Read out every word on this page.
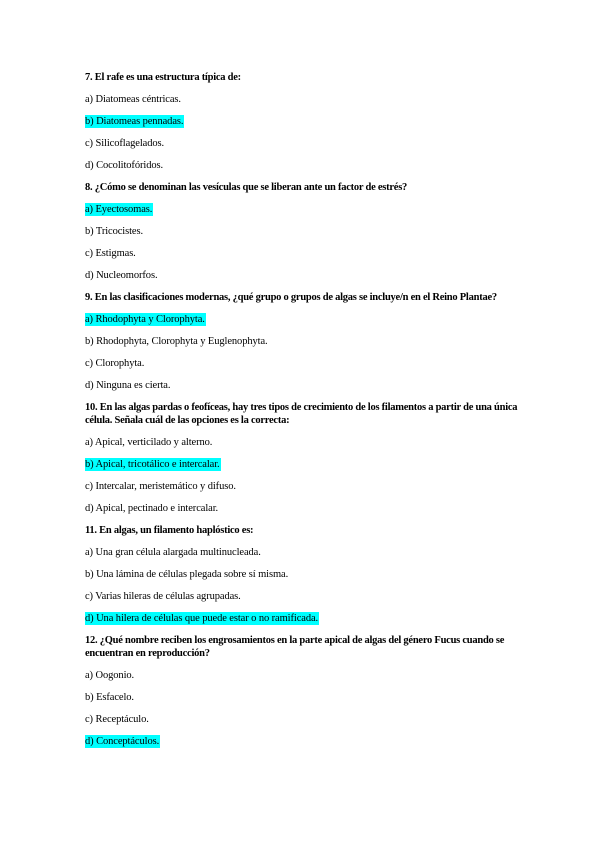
7. El rafe es una estructura típica de:
a) Diatomeas céntricas.
b) Diatomeas pennadas.
c) Silicoflagelados.
d) Cocolitofóridos.
8. ¿Cómo se denominan las vesículas que se liberan ante un factor de estrés?
a) Eyectosomas.
b) Tricocistes.
c) Estigmas.
d) Nucleomorfos.
9. En las clasificaciones modernas, ¿qué grupo o grupos de algas se incluye/n en el Reino Plantae?
a) Rhodophyta y Clorophyta.
b) Rhodophyta, Clorophyta y Euglenophyta.
c) Clorophyta.
d) Ninguna es cierta.
10. En las algas pardas o feofíceas, hay tres tipos de crecimiento de los filamentos a partir de una única célula. Señala cuál de las opciones es la correcta:
a) Apical, verticilado y alterno.
b) Apical, tricotálico e intercalar.
c) Intercalar, meristemático y difuso.
d) Apical, pectinado e intercalar.
11. En algas, un filamento haplóstico es:
a) Una gran célula alargada multinucleada.
b) Una lámina de células plegada sobre sí misma.
c) Varias hileras de células agrupadas.
d) Una hilera de células que puede estar o no ramificada.
12. ¿Qué nombre reciben los engrosamientos en la parte apical de algas del género Fucus cuando se encuentran en reproducción?
a) Oogonio.
b) Esfacelo.
c) Receptáculo.
d) Conceptáculos.
